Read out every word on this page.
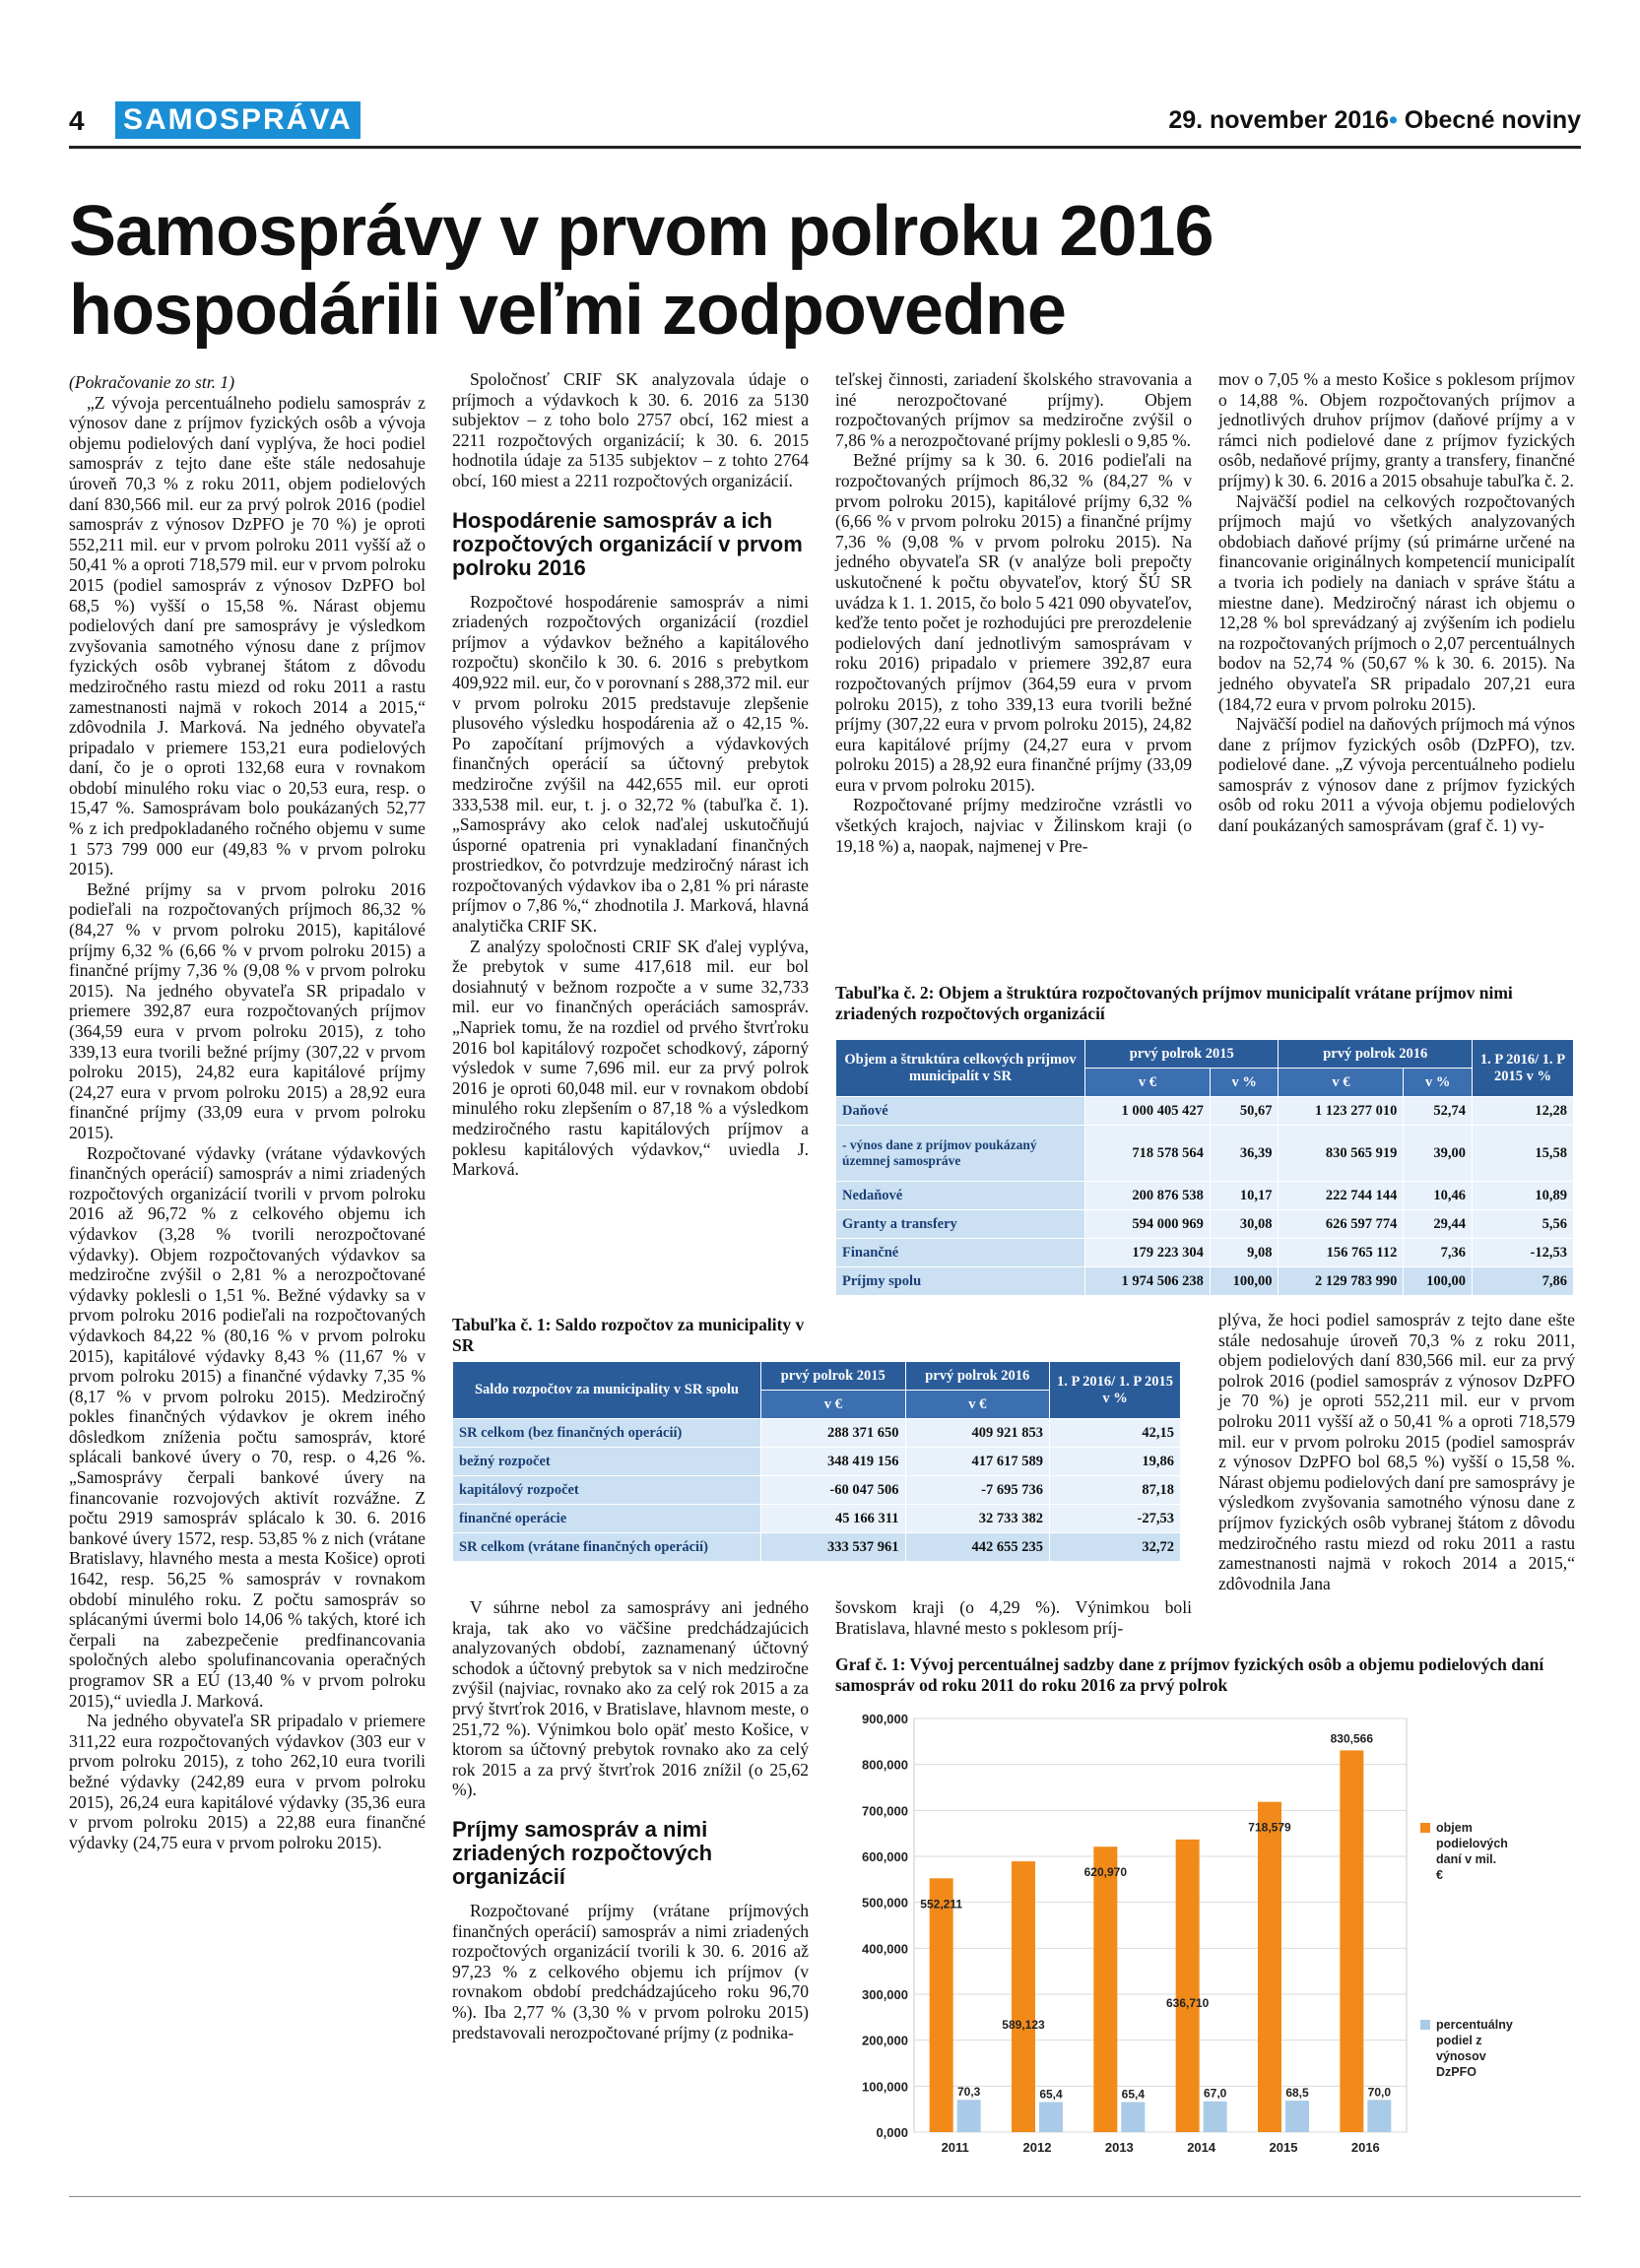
4 SAMOSPRÁVA	29. november 2016• Obecné noviny
Samosprávy v prvom polroku 2016
hospodárili veľmi zodpovedne

(Pokračovanie zo str. 1)

„Z vývoja percentuálneho podielu samospráv z výnosov dane z príjmov fyzických osôb a vývoja objemu podielových daní vyplýva, že hoci podiel samospráv z tejto dane ešte stále nedosahuje úroveň 70,3 % z roku 2011, objem podielových daní 830,566 mil. eur za prvý polrok 2016 (podiel samospráv z výnosov DzPFO je 70 %) je oproti 552,211 mil. eur v prvom polroku 2011 vyšší až o 50,41 % a oproti 718,579 mil. eur v prvom polroku 2015 (podiel samospráv z výnosov DzPFO bol 68,5 %) vyšší o 15,58 %. Nárast objemu podielových daní pre samosprávy je výsledkom zvyšovania samotného výnosu dane z príjmov fyzických osôb vybranej štátom z dôvodu medziročného rastu miezd od roku 2011 a rastu zamestnanosti najmä v rokoch 2014 a 2015,“ zdôvodnila J. Marková. Na jedného obyvateľa pripadalo v priemere 153,21 eura podielových daní, čo je o oproti 132,68 eura v rovnakom období minulého roku viac o 20,53 eura, resp. o 15,47 %. Samosprávam bolo poukázaných 52,77 % z ich predpokladaného ročného objemu v sume 1 573 799 000 eur (49,83 % v prvom polroku 2015).

Bežné príjmy sa v prvom polroku 2016 podieľali na rozpočtovaných príjmoch 86,32 % (84,27 % v prvom polroku 2015), kapitálové príjmy 6,32 % (6,66 % v prvom polroku 2015) a finančné príjmy 7,36 % (9,08 % v prvom polroku 2015). Na jedného obyvateľa SR pripadalo v priemere 392,87 eura rozpočtovaných príjmov (364,59 eura v prvom polroku 2015), z toho 339,13 eura tvorili bežné príjmy (307,22 v prvom polroku 2015), 24,82 eura kapitálové príjmy (24,27 eura v prvom polroku 2015) a 28,92 eura finančné príjmy (33,09 eura v prvom polroku 2015).

Rozpočtované výdavky (vrátane výdavkových finančných operácií) samospráv a nimi zriadených rozpočtových organizácií tvorili v prvom polroku 2016 až 96,72 % z celkového objemu ich výdavkov (3,28 % tvorili nerozpočtované výdavky). Objem rozpočtovaných výdavkov sa medziročne zvýšil o 2,81 % a nerozpočtované výdavky poklesli o 1,51 %. Bežné výdavky sa v prvom polroku 2016 podieľali na rozpočtovaných výdavkoch 84,22 % (80,16 % v prvom polroku 2015), kapitálové výdavky 8,43 % (11,67 % v prvom polroku 2015) a finančné výdavky 7,35 % (8,17 % v prvom polroku 2015). Medziročný pokles finančných výdavkov je okrem iného dôsledkom zníženia počtu samospráv, ktoré splácali bankové úvery o 70, resp. o 4,26 %. „Samosprávy čerpali bankové úvery na financovanie rozvojových aktivít rozvážne. Z počtu 2919 samospráv splácalo k 30. 6. 2016 bankové úvery 1572, resp. 53,85 % z nich (vrátane Bratislavy, hlavného mesta a mesta Košice) oproti 1642, resp. 56,25 % samospráv v rovnakom období minulého roku. Z počtu samospráv so splácanými úvermi bolo 14,06 % takých, ktoré ich čerpali na zabezpečenie predfinancovania spoločných alebo spolufinancovania operačných programov SR a EÚ (13,40 % v prvom polroku 2015),“ uviedla J. Marková.

Na jedného obyvateľa SR pripadalo v priemere 311,22 eura rozpočtovaných výdavkov (303 eur v prvom polroku 2015), z toho 262,10 eura tvorili bežné výdavky (242,89 eura v prvom polroku 2015), 26,24 eura kapitálové výdavky (35,36 eura v prvom polroku 2015) a 22,88 eura finančné výdavky (24,75 eura v prvom polroku 2015).

Spoločnosť CRIF SK analyzovala údaje o príjmoch a výdavkoch k 30. 6. 2016 za 5130 subjektov – z toho bolo 2757 obcí, 162 miest a 2211 rozpočtových organizácií; k 30. 6. 2015 hodnotila údaje za 5135 subjektov – z tohto 2764 obcí, 160 miest a 2211 rozpočtových organizácií.

Hospodárenie samospráv a ich rozpočtových organizácií v prvom polroku 2016

Rozpočtové hospodárenie samospráv a nimi zriadených rozpočtových organizácií (rozdiel príjmov a výdavkov bežného a kapitálového rozpočtu) skončilo k 30. 6. 2016 s prebytkom 409,922 mil. eur, čo v porovnaní s 288,372 mil. eur v prvom polroku 2015 predstavuje zlepšenie plusového výsledku hospodárenia až o 42,15 %. Po započítaní príjmových a výdavkových finančných operácií sa účtovný prebytok medziročne zvýšil na 442,655 mil. eur oproti 333,538 mil. eur, t. j. o 32,72 % (tabuľka č. 1). „Samosprávy ako celok naďalej uskutočňujú úsporné opatrenia pri vynakladaní finančných prostriedkov, čo potvrdzuje medziročný nárast ich rozpočtovaných výdavkov iba o 2,81 % pri náraste príjmov o 7,86 %,“ zhodnotila J. Marková, hlavná analytička CRIF SK.

Z analýzy spoločnosti CRIF SK ďalej vyplýva, že prebytok v sume 417,618 mil. eur bol dosiahnutý v bežnom rozpočte a v sume 32,733 mil. eur vo finančných operáciách samospráv. „Napriek tomu, že na rozdiel od prvého štvrťroku 2016 bol kapitálový rozpočet schodkový, záporný výsledok v sume 7,696 mil. eur za prvý polrok 2016 je oproti 60,048 mil. eur v rovnakom období minulého roku zlepšením o 87,18 % a výsledkom medziročného rastu kapitálových príjmov a poklesu kapitálových výdavkov,“ uviedla J. Marková.

V súhrne nebol za samosprávy ani jedného kraja, tak ako vo väčšine predchádzajúcich analyzovaných období, zaznamenaný účtovný schodok a účtovný prebytok sa v nich medziročne zvýšil (najviac, rovnako ako za celý rok 2015 a za prvý štvrťrok 2016, v Bratislave, hlavnom meste, o 251,72 %). Výnimkou bolo opäť mesto Košice, v ktorom sa účtovný prebytok rovnako ako za celý rok 2015 a za prvý štvrťrok 2016 znížil (o 25,62 %).

Príjmy samospráv a nimi zriadených rozpočtových organizácií

Rozpočtované príjmy (vrátane príjmových finančných operácií) samospráv a nimi zriadených rozpočtových organizácií tvorili k 30. 6. 2016 až 97,23 % z celkového objemu ich príjmov (v rovnakom období predchádzajúceho roku 96,70 %). Iba 2,77 % (3,30 % v prvom polroku 2015) predstavovali nerozpočtované príjmy (z podnika-

teľskej činnosti, zariadení školského stravovania a iné nerozpočtované príjmy). Objem rozpočtovaných príjmov sa medziročne zvýšil o 7,86 % a nerozpočtované príjmy poklesli o 9,85 %.

Bežné príjmy sa k 30. 6. 2016 podieľali na rozpočtovaných príjmoch 86,32 % (84,27 % v prvom polroku 2015), kapitálové príjmy 6,32 % (6,66 % v prvom polroku 2015) a finančné príjmy 7,36 % (9,08 % v prvom polroku 2015). Na jedného obyvateľa SR (v analýze boli prepočty uskutočnené k počtu obyvateľov, ktorý ŠÚ SR uvádza k 1. 1. 2015, čo bolo 5 421 090 obyvateľov, keďže tento počet je rozhodujúci pre prerozdelenie podielových daní jednotlivým samosprávam v roku 2016) pripadalo v priemere 392,87 eura rozpočtovaných príjmov (364,59 eura v prvom polroku 2015), z toho 339,13 eura tvorili bežné príjmy (307,22 eura v prvom polroku 2015), 24,82 eura kapitálové príjmy (24,27 eura v prvom polroku 2015) a 28,92 eura finančné príjmy (33,09 eura v prvom polroku 2015).

Rozpočtované príjmy medziročne vzrástli vo všetkých krajoch, najviac v Žilinskom kraji (o 19,18 %) a, naopak, najmenej v Pre-

šovskom kraji (o 4,29 %). Výnimkou boli Bratislava, hlavné mesto s poklesom príj-

mov o 7,05 % a mesto Košice s poklesom príjmov o 14,88 %. Objem rozpočtovaných príjmov a jednotlivých druhov príjmov (daňové príjmy a v rámci nich podielové dane z príjmov fyzických osôb, nedaňové príjmy, granty a transfery, finančné príjmy) k 30. 6. 2016 a 2015 obsahuje tabuľka č. 2.

Najväčší podiel na celkových rozpočtovaných príjmoch majú vo všetkých analyzovaných obdobiach daňové príjmy (sú primárne určené na financovanie originálnych kompetencií municipalít a tvoria ich podiely na daniach v správe štátu a miestne dane). Medziročný nárast ich objemu o 12,28 % bol sprevádzaný aj zvýšením ich podielu na rozpočtovaných príjmoch o 2,07 percentuálnych bodov na 52,74 % (50,67 % k 30. 6. 2015). Na jedného obyvateľa SR pripadalo 207,21 eura (184,72 eura v prvom polroku 2015).

Najväčší podiel na daňových príjmoch má výnos dane z príjmov fyzických osôb (DzPFO), tzv. podielové dane. „Z vývoja percentuálneho podielu samospráv z výnosov dane z príjmov fyzických osôb od roku 2011 a vývoja objemu podielových daní poukázaných samosprávam (graf č. 1) vy-

plýva, že hoci podiel samospráv z tejto dane ešte stále nedosahuje úroveň 70,3 % z roku 2011, objem podielových daní 830,566 mil. eur za prvý polrok 2016 (podiel samospráv z výnosov DzPFO je 70 %) je oproti 552,211 mil. eur v prvom polroku 2011 vyšší až o 50,41 % a oproti 718,579 mil. eur v prvom polroku 2015 (podiel samospráv z výnosov DzPFO bol 68,5 %) vyšší o 15,58 %. Nárast objemu podielových daní pre samosprávy je výsledkom zvyšovania samotného výnosu dane z príjmov fyzických osôb vybranej štátom z dôvodu medziročného rastu miezd od roku 2011 a rastu zamestnanosti najmä v rokoch 2014 a 2015,“ zdôvodnila Jana

Tabuľka č. 2: Objem a štruktúra rozpočtovaných príjmov municipalít vrátane príjmov nimi zriadených rozpočtových organizácií
Objem a štruktúra celkových príjmov municipalít v SR	prvý polrok 2015		prvý polrok 2016		1. P 2016/ 1. P 2015 v %
	v €	v %	v €	v %	
Daňové	1 000 405 427	50,67	1 123 277 010	52,74	12,28
- výnos dane z príjmov poukázaný územnej samospráve	718 578 564	36,39	830 565 919	39,00	15,58
Nedaňové	200 876 538	10,17	222 744 144	10,46	10,89
Granty a transfery	594 000 969	30,08	626 597 774	29,44	5,56
Finančné	179 223 304	9,08	156 765 112	7,36	-12,53
Príjmy spolu	1 974 506 238	100,00	2 129 783 990	100,00	7,86
Tabuľka č. 1: Saldo rozpočtov za municipality v SR
Saldo rozpočtov za municipality v SR spolu	prvý polrok 2015	prvý polrok 2016	1. P 2016/ 1. P 2015 v %
	v €	v €	
SR celkom (bez finančných operácií)	288 371 650	409 921 853	42,15
bežný rozpočet	348 419 156	417 617 589	19,86
kapitálový rozpočet	-60 047 506	-7 695 736	87,18
finančné operácie	45 166 311	32 733 382	-27,53
SR celkom (vrátane finančných operácií)	333 537 961	442 655 235	32,72
Graf č. 1: Vývoj percentuálnej sadzby dane z príjmov fyzických osôb a objemu podielových daní samospráv od roku 2011 do roku 2016 za prvý polrok
0,000
100,000
200,000
300,000
400,000
500,000
600,000
700,000
800,000
900,000
70,3
552,211
2011
65,4
589,123
2012
65,4
620,970
2013
67,0
636,710
2014
68,5
718,579
2015
70,0
830,566
2016
objem
podielových
daní v mil.
€
percentuálny
podiel z
výnosov
DzPFO
